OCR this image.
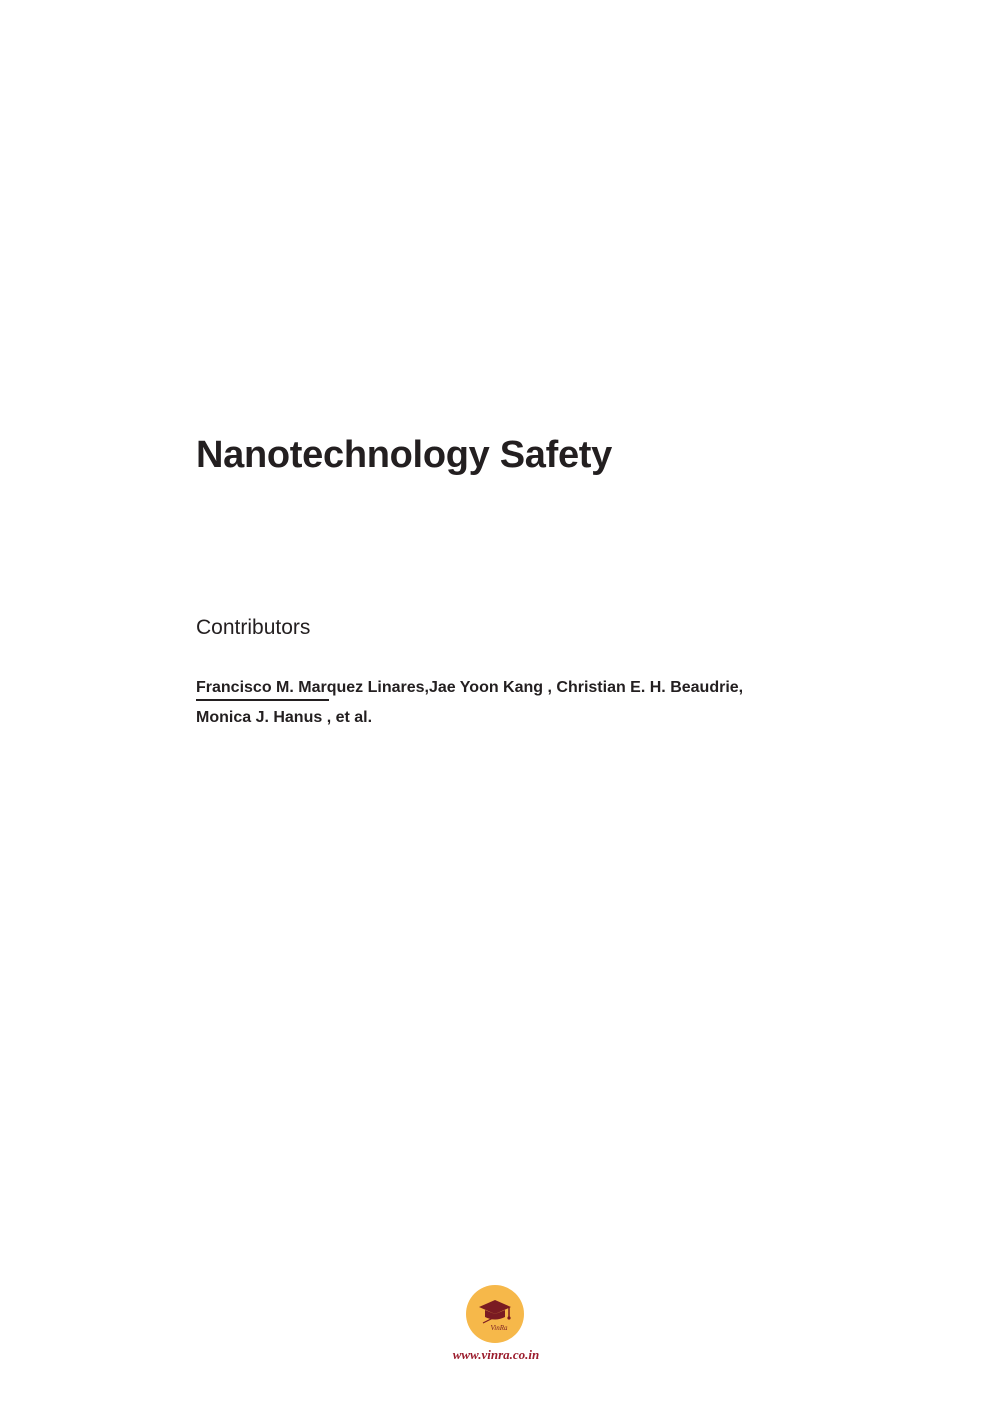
Nanotechnology Safety
Contributors
Francisco M. Marquez Linares,Jae Yoon Kang , Christian E. H. Beaudrie,
Monica J. Hanus , et al.
VinRa
www.vinra.co.in
